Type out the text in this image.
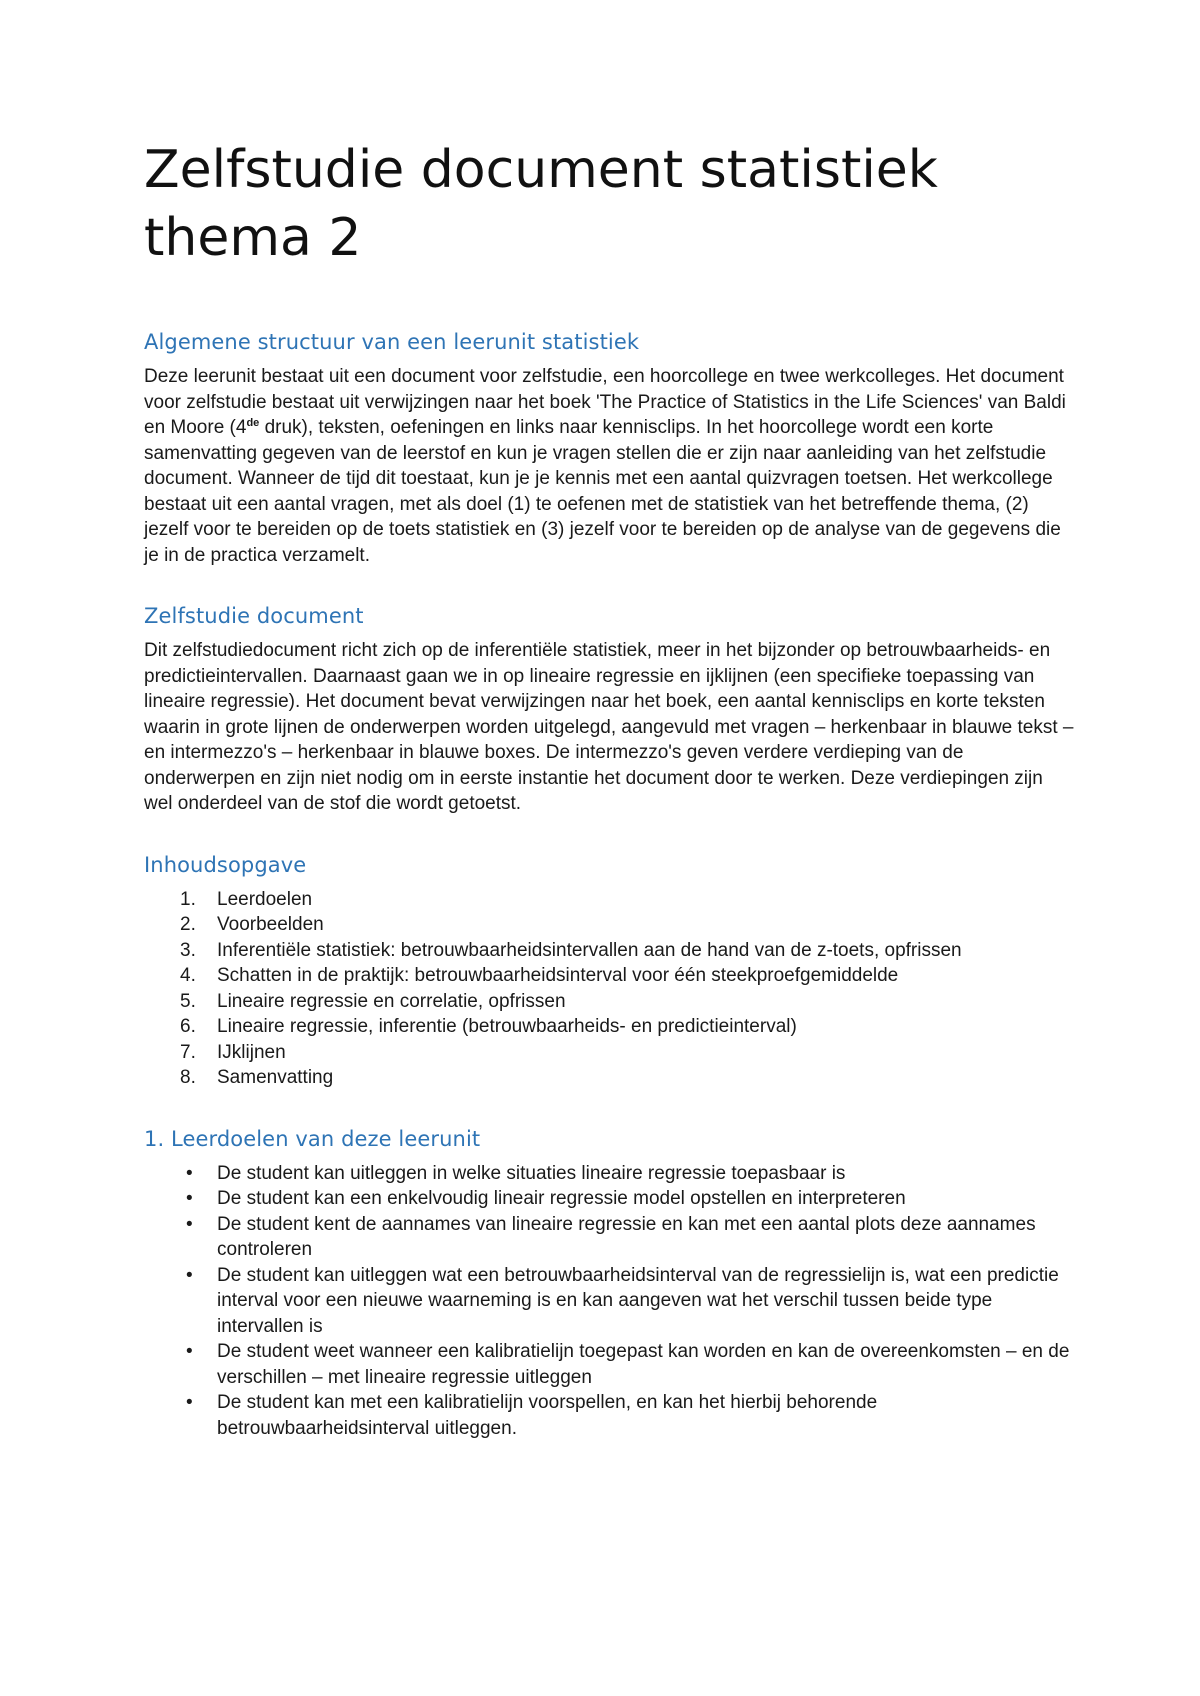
Zelfstudie document statistiek thema 2
Algemene structuur van een leerunit statistiek

Deze leerunit bestaat uit een document voor zelfstudie, een hoorcollege en twee werkcolleges. Het document voor zelfstudie bestaat uit verwijzingen naar het boek 'The Practice of Statistics in the Life Sciences' van Baldi en Moore (4de druk), teksten, oefeningen en links naar kennisclips. In het hoorcollege wordt een korte samenvatting gegeven van de leerstof en kun je vragen stellen die er zijn naar aanleiding van het zelfstudie document. Wanneer de tijd dit toestaat, kun je je kennis met een aantal quizvragen toetsen. Het werkcollege bestaat uit een aantal vragen, met als doel (1) te oefenen met de statistiek van het betreffende thema, (2) jezelf voor te bereiden op de toets statistiek en (3) jezelf voor te bereiden op de analyse van de gegevens die je in de practica verzamelt.

Zelfstudie document

Dit zelfstudiedocument richt zich op de inferentiële statistiek, meer in het bijzonder op betrouwbaarheids- en predictieintervallen. Daarnaast gaan we in op lineaire regressie en ijklijnen (een specifieke toepassing van lineaire regressie). Het document bevat verwijzingen naar het boek, een aantal kennisclips en korte teksten waarin in grote lijnen de onderwerpen worden uitgelegd, aangevuld met vragen – herkenbaar in blauwe tekst – en intermezzo's – herkenbaar in blauwe boxes. De intermezzo's geven verdere verdieping van de onderwerpen en zijn niet nodig om in eerste instantie het document door te werken. Deze verdiepingen zijn wel onderdeel van de stof die wordt getoetst.

Inhoudsopgave
1.	Leerdoelen
2.	Voorbeelden
3.	Inferentiële statistiek: betrouwbaarheidsintervallen aan de hand van de z-toets, opfrissen
4.	Schatten in de praktijk: betrouwbaarheidsinterval voor één steekproefgemiddelde
5.	Lineaire regressie en correlatie, opfrissen
6.	Lineaire regressie, inferentie (betrouwbaarheids- en predictieinterval)
7.	IJklijnen
8.	Samenvatting
1. Leerdoelen van deze leerunit
•	De student kan uitleggen in welke situaties lineaire regressie toepasbaar is
•	De student kan een enkelvoudig lineair regressie model opstellen en interpreteren
•	De student kent de aannames van lineaire regressie en kan met een aantal plots deze aannames controleren
•	De student kan uitleggen wat een betrouwbaarheidsinterval van de regressielijn is, wat een predictie interval voor een nieuwe waarneming is en kan aangeven wat het verschil tussen beide type intervallen is
•	De student weet wanneer een kalibratielijn toegepast kan worden en kan de overeenkomsten – en de verschillen – met lineaire regressie uitleggen
•	De student kan met een kalibratielijn voorspellen, en kan het hierbij behorende betrouwbaarheidsinterval uitleggen.
